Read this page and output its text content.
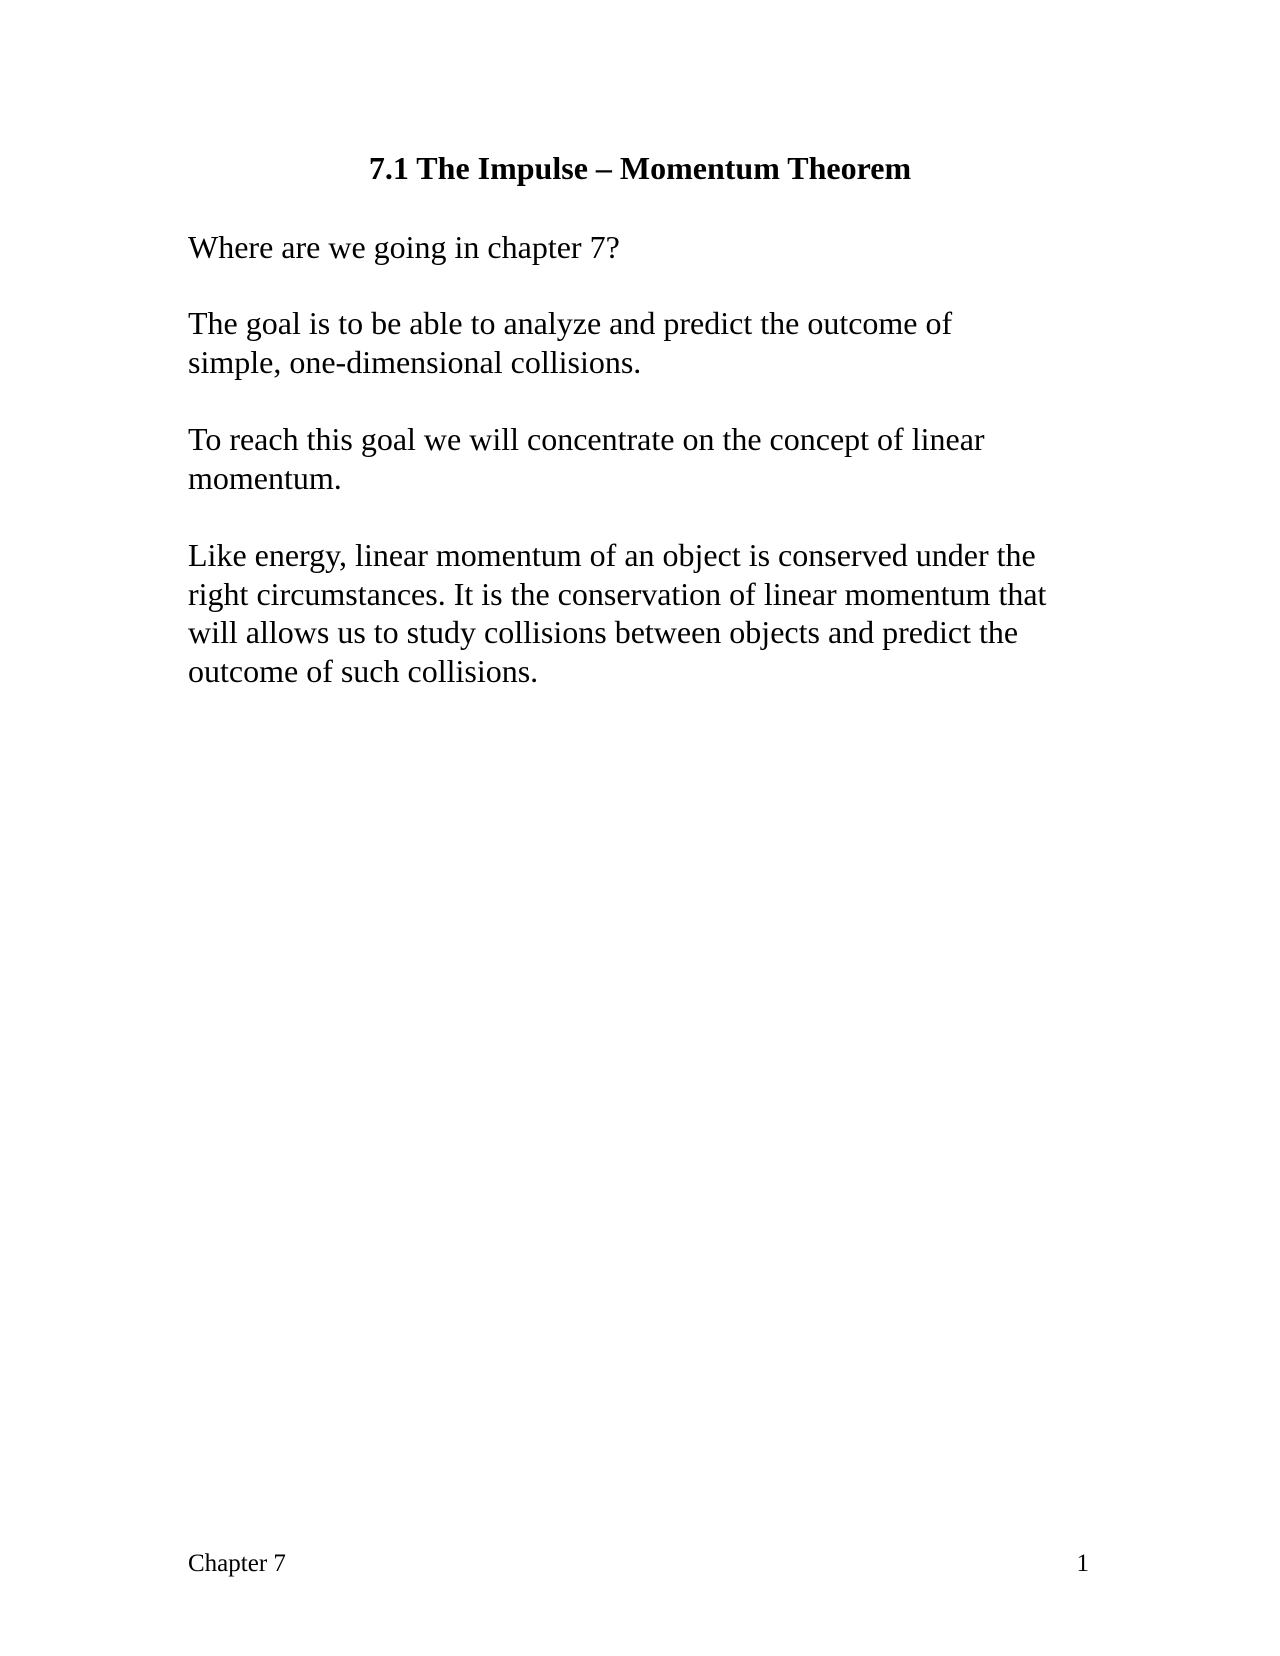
7.1 The Impulse – Momentum Theorem

Where are we going in chapter 7?

The goal is to be able to analyze and predict the outcome of
simple, one-dimensional collisions.

To reach this goal we will concentrate on the concept of linear
momentum.

Like energy, linear momentum of an object is conserved under the
right circumstances. It is the conservation of linear momentum that
will allows us to study collisions between objects and predict the
outcome of such collisions.

Chapter 7	1
